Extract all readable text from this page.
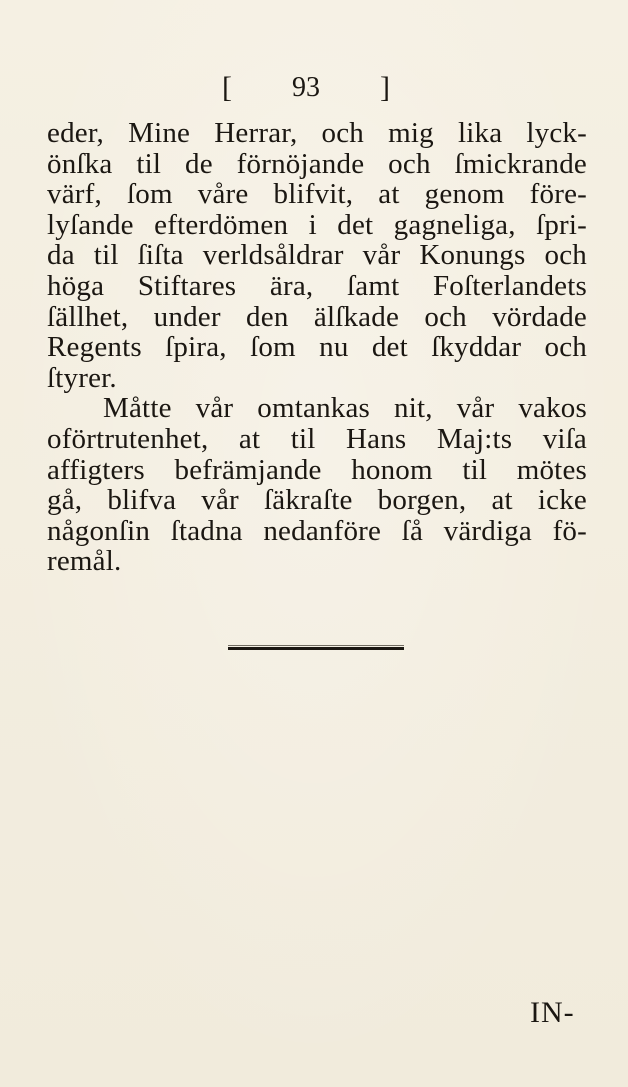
[ 93 ]
eder, Mine Herrar, och mig lika lyck-
önſka til de förnöjande och ſmickrande
värf, ſom våre blifvit, at genom före-
lyſande efterdömen i det gagneliga, ſpri-
da til ſiſta verldsåldrar vår Konungs och
höga Stiftares ära, ſamt Foſterlandets
ſällhet, under den älſkade och vördade
Regents ſpira, ſom nu det ſkyddar och
ſtyrer.
Måtte vår omtankas nit, vår vakos
oförtrutenhet, at til Hans Maj:ts viſa
affigters befrämjande honom til mötes
gå, blifva vår ſäkraſte borgen, at icke
någonſin ſtadna nedanföre ſå värdiga fö-
remål.
IN-
